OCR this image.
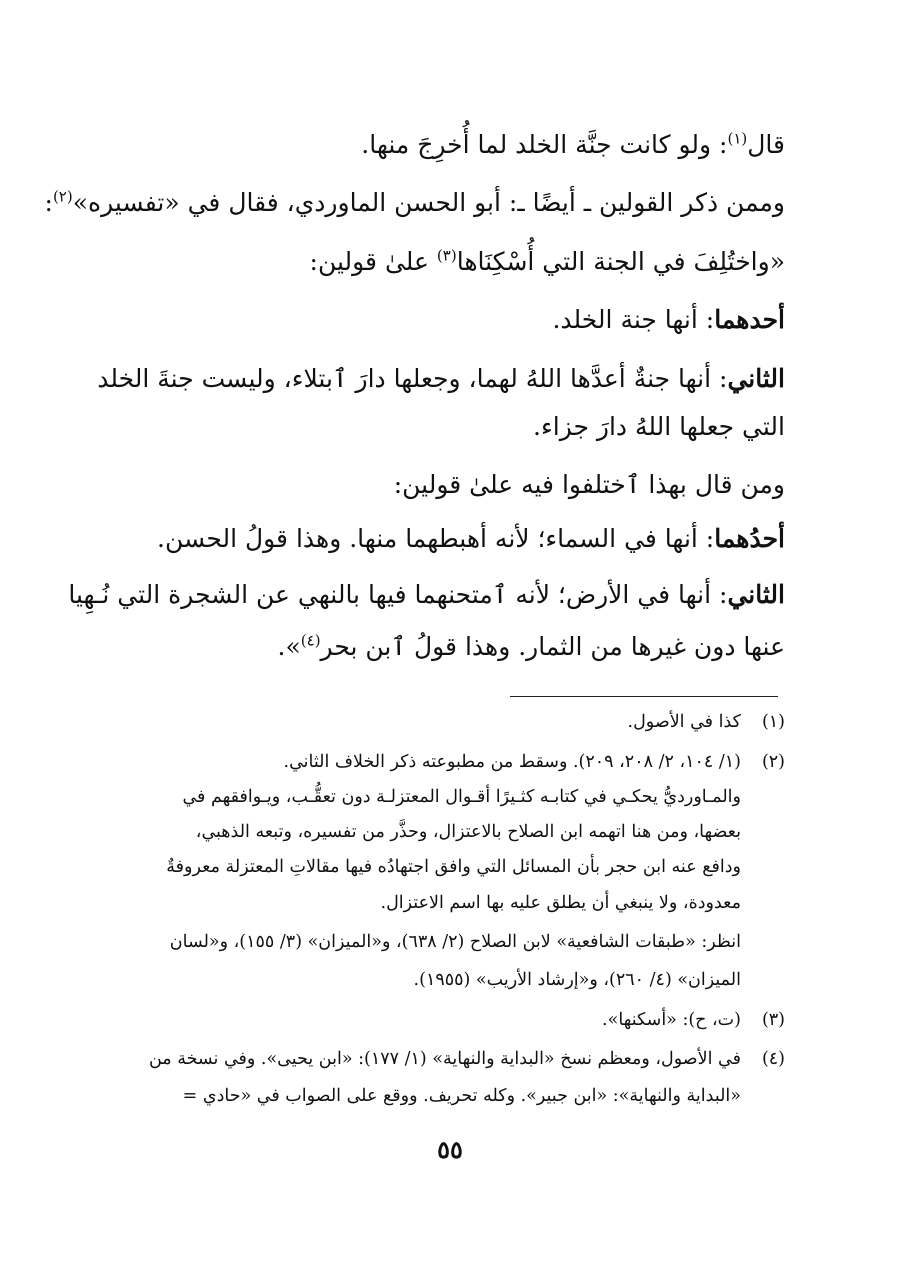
قال$^{(١)}$: ولو كانت جنَّة الخلد لما أُخرِجَ منها.
وممن ذكر القولين ـ أيضًا ـ: أبو الحسن الماوردي، فقال في «تفسيره»$^{(٢)}$:
«واختُلِفَ في الجنة التي أُسْكِنَاها$^{(٣)}$ علىٰ قولين:
أحدهما: أنها جنة الخلد.
الثاني: أنها جنةٌ أعدَّها اللهُ لهما، وجعلها دارَ ٱبتلاء، وليست جنةَ الخلد
التي جعلها اللهُ دارَ جزاء.
ومن قال بهذا ٱختلفوا فيه علىٰ قولين:
أحدُهما: أنها في السماء؛ لأنه أهبطهما منها. وهذا قولُ الحسن.
الثاني: أنها في الأرض؛ لأنه ٱمتحنهما فيها بالنهي عن الشجرة التي نُـهِيا
عنها دون غيرها من الثمار. وهذا قولُ ٱبن بحر$^{(٤)}$».
(١)كذا في الأصول.
(٢)(١/ ١٠٤، ٢/ ٢٠٨، ٢٠٩). وسقط من مطبوعته ذكر الخلاف الثاني.
والمـاورديُّ يحكـي في كتابـه كثـيرًا أقـوال المعتزلـة دون تعقُّـب، ويـوافقهم في
بعضها، ومن هنا اتهمه ابن الصلاح بالاعتزال، وحذَّر من تفسيره، وتبعه الذهبي،
ودافع عنه ابن حجر بأن المسائل التي وافق اجتهادُه فيها مقالاتِ المعتزلة معروفةٌ
معدودة، ولا ينبغي أن يطلق عليه بها اسم الاعتزال.
انظر: «طبقات الشافعية» لابن الصلاح (٢/ ٦٣٨)، و«الميزان» (٣/ ١٥٥)، و«لسان
الميزان» (٤/ ٢٦٠)، و«إرشاد الأريب» (١٩٥٥).
(٣)(ت، ح): «أسكنها».
(٤)في الأصول، ومعظم نسخ «البداية والنهاية» (١/ ١٧٧): «ابن يحيى». وفي نسخة من
«البداية والنهاية»: «ابن جبير». وكله تحريف. ووقع على الصواب في «حادي =
٥٥
